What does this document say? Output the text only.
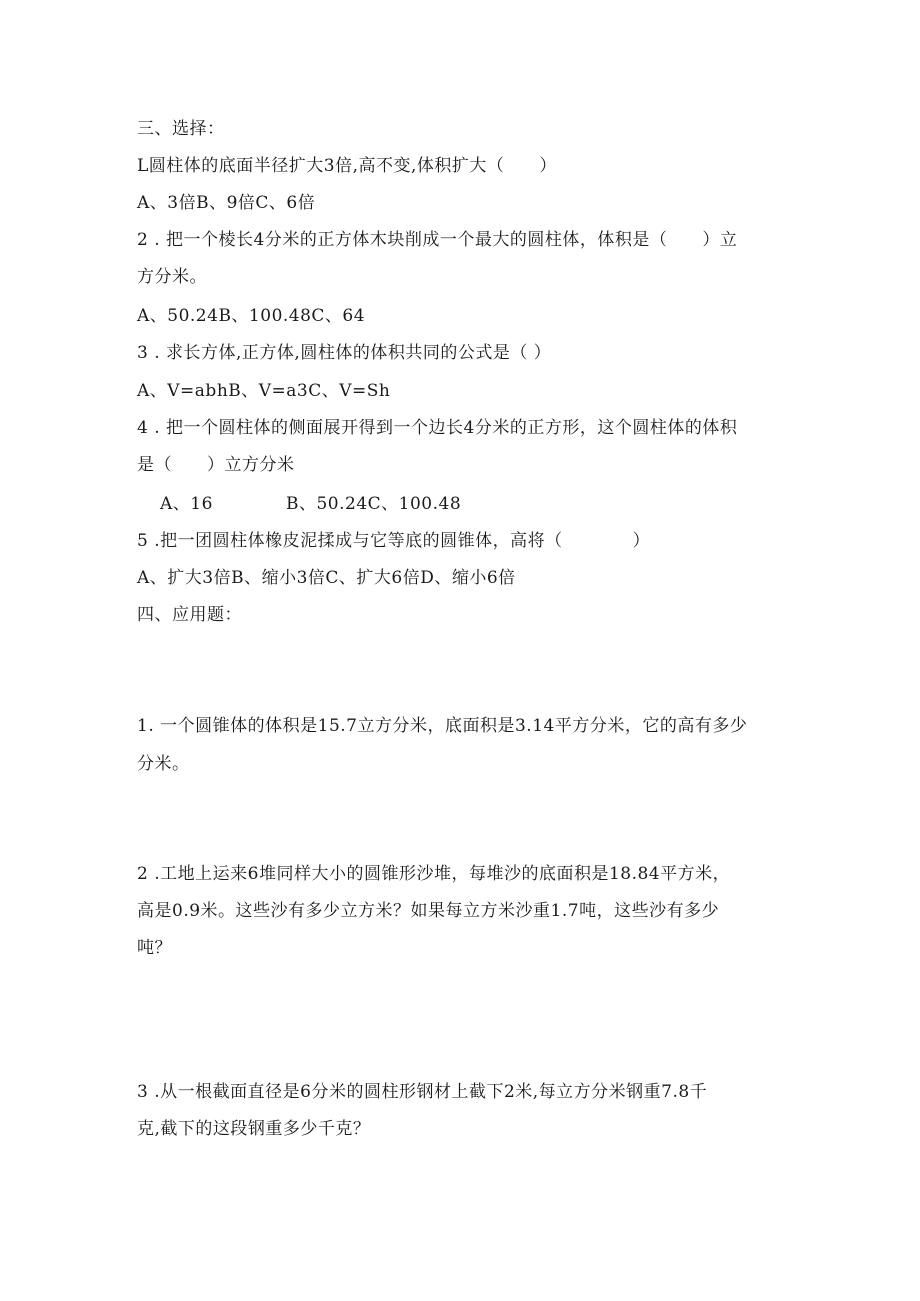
三、选择：
L圆柱体的底面半径扩大3倍,高不变,体积扩大（　　）
A、3倍B、9倍C、6倍
2 . 把一个棱长4分米的正方体木块削成一个最大的圆柱体，体积是（　　）立
方分米。
A、50.24B、100.48C、64
3 . 求长方体,正方体,圆柱体的体积共同的公式是（ ）
A、V=abhB、V=a3C、V=Sh
4 . 把一个圆柱体的侧面展开得到一个边长4分米的正方形，这个圆柱体的体积
是（　　）立方分米
A、16	B、50.24C、100.48
5 .把一团圆柱体橡皮泥揉成与它等底的圆锥体，高将（　　　　）
A、扩大3倍B、缩小3倍C、扩大6倍D、缩小6倍
四、应用题：
1. 一个圆锥体的体积是15.7立方分米，底面积是3.14平方分米，它的高有多少
分米。
2 .工地上运来6堆同样大小的圆锥形沙堆，每堆沙的底面积是18.84平方米，
高是0.9米。这些沙有多少立方米？如果每立方米沙重1.7吨，这些沙有多少
吨？
3 .从一根截面直径是6分米的圆柱形钢材上截下2米,每立方分米钢重7.8千
克,截下的这段钢重多少千克？
